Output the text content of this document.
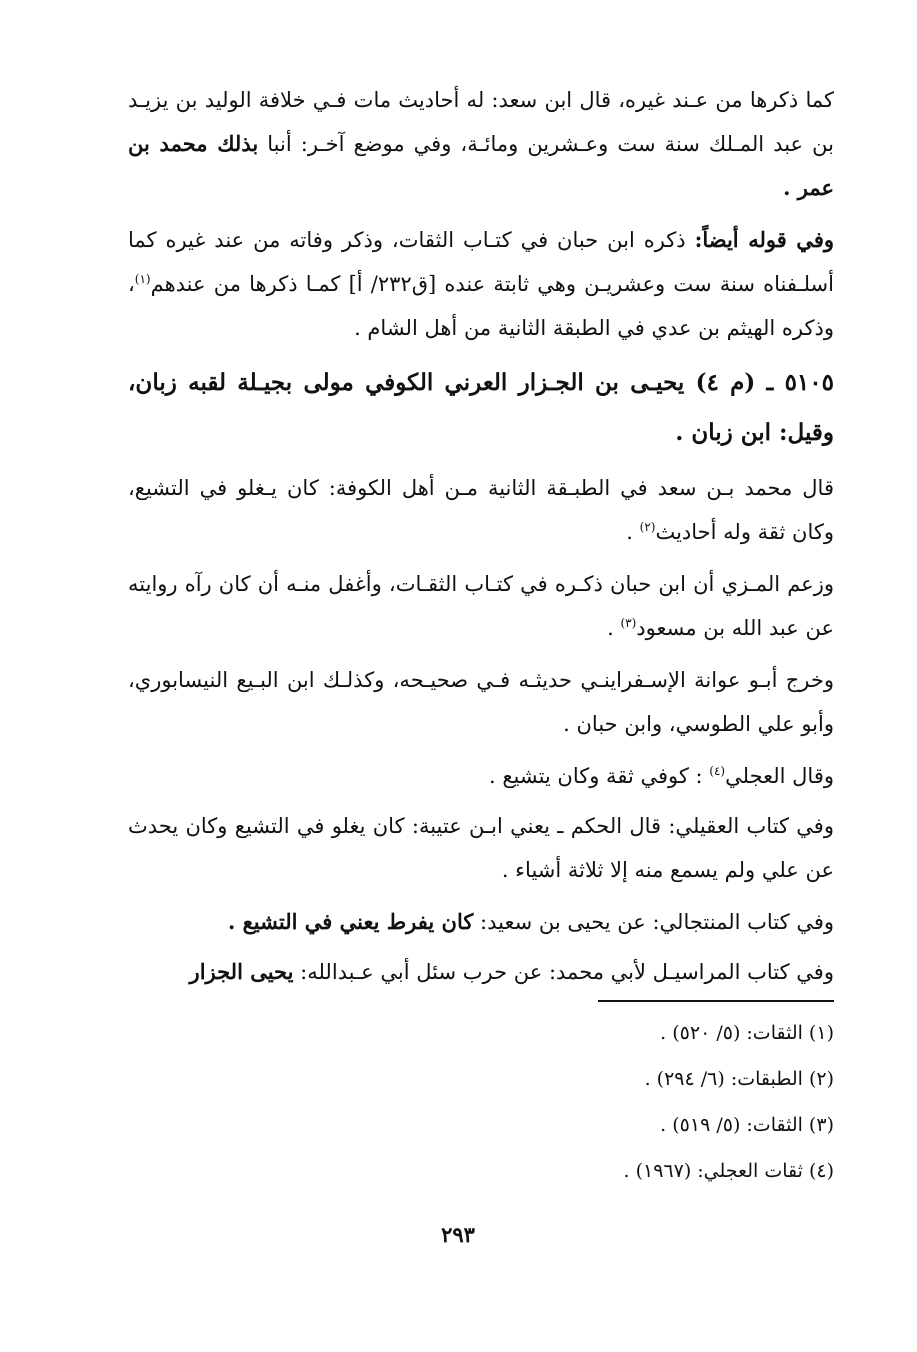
كما ذكرها من عـند غيره، قال ابن سعد: له أحاديث مات فـي خلافة الوليد بن يزيـد بن عبد المـلك سنة ست وعـشرين ومائـة، وفي موضع آخـر: أنبا بذلك محمد بن عمر .

وفي قوله أيضاً: ذكره ابن حبان في كتـاب الثقات، وذكر وفاته من عند غيره كما أسلـفناه سنة ست وعشريـن وهي ثابتة عنده [ق٢٣٢/ أ] كمـا ذكرها من عندهم$^{(١)}$، وذكره الهيثم بن عدي في الطبقة الثانية من أهل الشام .

٥١٠٥ ـ (م ٤) يحيـى بن الجـزار العرني الكوفي مولى بجيـلة لقبه زبان، وقيل: ابن زبان .

قال محمد بـن سعد في الطبـقة الثانية مـن أهل الكوفة: كان يـغلو في التشيع، وكان ثقة وله أحاديث$^{(٢)}$ .

وزعم المـزي أن ابن حبان ذكـره في كتـاب الثقـات، وأغفل منـه أن كان رآه روايته عن عبد الله بن مسعود$^{(٣)}$ .

وخرج أبـو عوانة الإسـفراينـي حديثـه فـي صحيـحه، وكذلـك ابن البـيع النيسابوري، وأبو علي الطوسي، وابن حبان .

وقال العجلي$^{(٤)}$ : كوفي ثقة وكان يتشيع .

وفي كتاب العقيلي: قال الحكم ـ يعني ابـن عتيبة: كان يغلو في التشيع وكان يحدث عن علي ولم يسمع منه إلا ثلاثة أشياء .

وفي كتاب المنتجالي: عن يحيى بن سعيد: كان يفرط يعني في التشيع .

وفي كتاب المراسيـل لأبي محمد: عن حرب سئل أبي عـبدالله: يحيى الجزار

(١) الثقات: (٥/ ٥٢٠) .

(٢) الطبقات: (٦/ ٢٩٤) .

(٣) الثقات: (٥/ ٥١٩) .

(٤) ثقات العجلي: (١٩٦٧) .

٢٩٣
